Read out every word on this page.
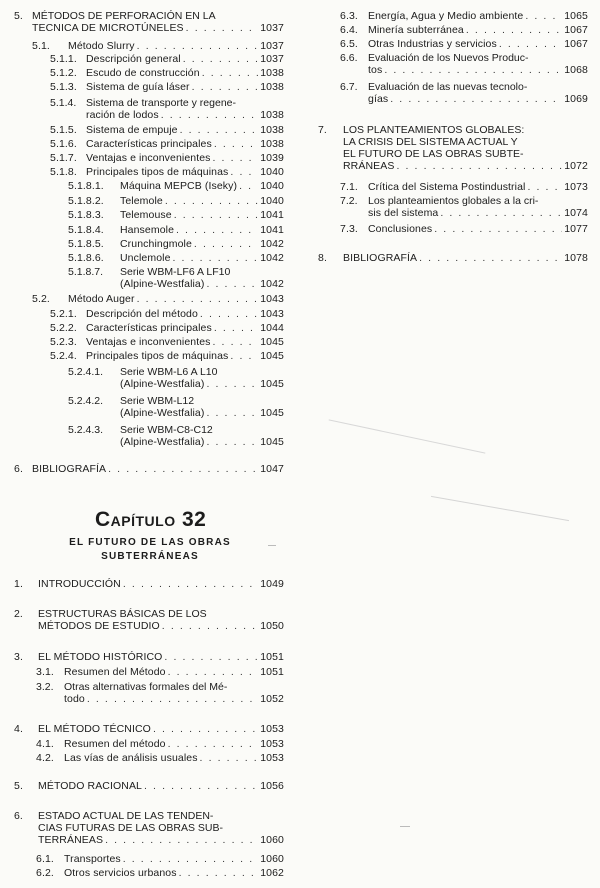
5. MÉTODOS DE PERFORACIÓN EN LA
TECNICA DE MICROTÚNELES . . .	1037
5.1.	Método Slurry . . .	1037
5.1.1. Descripción general . . .	1037
5.1.2. Escudo de construcción . . .	1038
5.1.3. Sistema de guía láser . . .	1038
5.1.4. Sistema de transporte y regene-
ración de lodos . . .	1038
5.1.5. Sistema de empuje . . .	1038
5.1.6. Características principales . . .	1038
5.1.7. Ventajas e inconvenientes . . .	1039
5.1.8. Principales tipos de máquinas . . .	1040
5.1.8.1.	Máquina MEPCB (Iseky) . . . 1040
5.1.8.2.	Telemole . . .	1040
5.1.8.3.	Telemouse . . .	1041
5.1.8.4.	Hansemole . . .	1041
5.1.8.5.	Crunchingmole . . .	1042
5.1.8.6.	Unclemole . . .	1042
5.1.8.7. Serie WBM-LF6 A LF10
(Alpine-Westfalia) . . .	1042
5.2.	Método Auger . . .	1043
5.2.1. Descripción del método . . .	1043
5.2.2. Características principales . . .	1044
5.2.3. Ventajas e inconvenientes . . .	1045
5.2.4. Principales tipos de máquinas . . .	1045
5.2.4.1. Serie WBM-L6 A L10
(Alpine-Westfalia) . . .	1045
5.2.4.2. Serie WBM-L12
(Alpine-Westfalia) . . .	1045
5.2.4.3. Serie WBM-C8-C12
(Alpine-Westfalia) . . .	1045
6. BIBLIOGRAFÍA . . .	1047
1.	INTRODUCCIÓN . . .	1049
2. ESTRUCTURAS BÁSICAS DE LOS
MÉTODOS DE ESTUDIO . . .	1050
3.	EL MÉTODO HISTÓRICO . . .	1051
3.1. Resumen del Método . . .	1051
3.2. Otras alternativas formales del Mé-
todo . . .	1052
4.	EL MÉTODO TÉCNICO . . .	1053
4.1. Resumen del método . . .	1053
4.2. Las vías de análisis usuales . . .	1053
5.	MÉTODO RACIONAL . . .	1056
6. ESTADO ACTUAL DE LAS TENDEN-
CIAS FUTURAS DE LAS OBRAS SUB-
TERRÁNEAS . . .	1060
6.1. Transportes . . .	1060
6.2. Otros servicios urbanos . . .	1062
CAPÍTULO 32
EL FUTURO DE LAS OBRAS
SUBTERRÁNEAS
6.3. Energía, Agua y Medio ambiente . . .	1065
6.4. Minería subterránea . . .	1067
6.5. Otras Industrias y servicios . . .	1067
6.6. Evaluación de los Nuevos Produc-
tos . . .	1068
6.7. Evaluación de las nuevas tecnolo-
gías . . .	1069
7. LOS PLANTEAMIENTOS GLOBALES:
LA CRISIS DEL SISTEMA ACTUAL Y
EL FUTURO DE LAS OBRAS SUBTE-
RRÁNEAS . . .	1072
7.1. Crítica del Sistema Postindustrial . . .	1073
7.2. Los planteamientos globales a la cri-
sis del sistema . . .	1074
7.3. Conclusiones . . .	1077
8.	BIBLIOGRAFÍA . . .	1078
